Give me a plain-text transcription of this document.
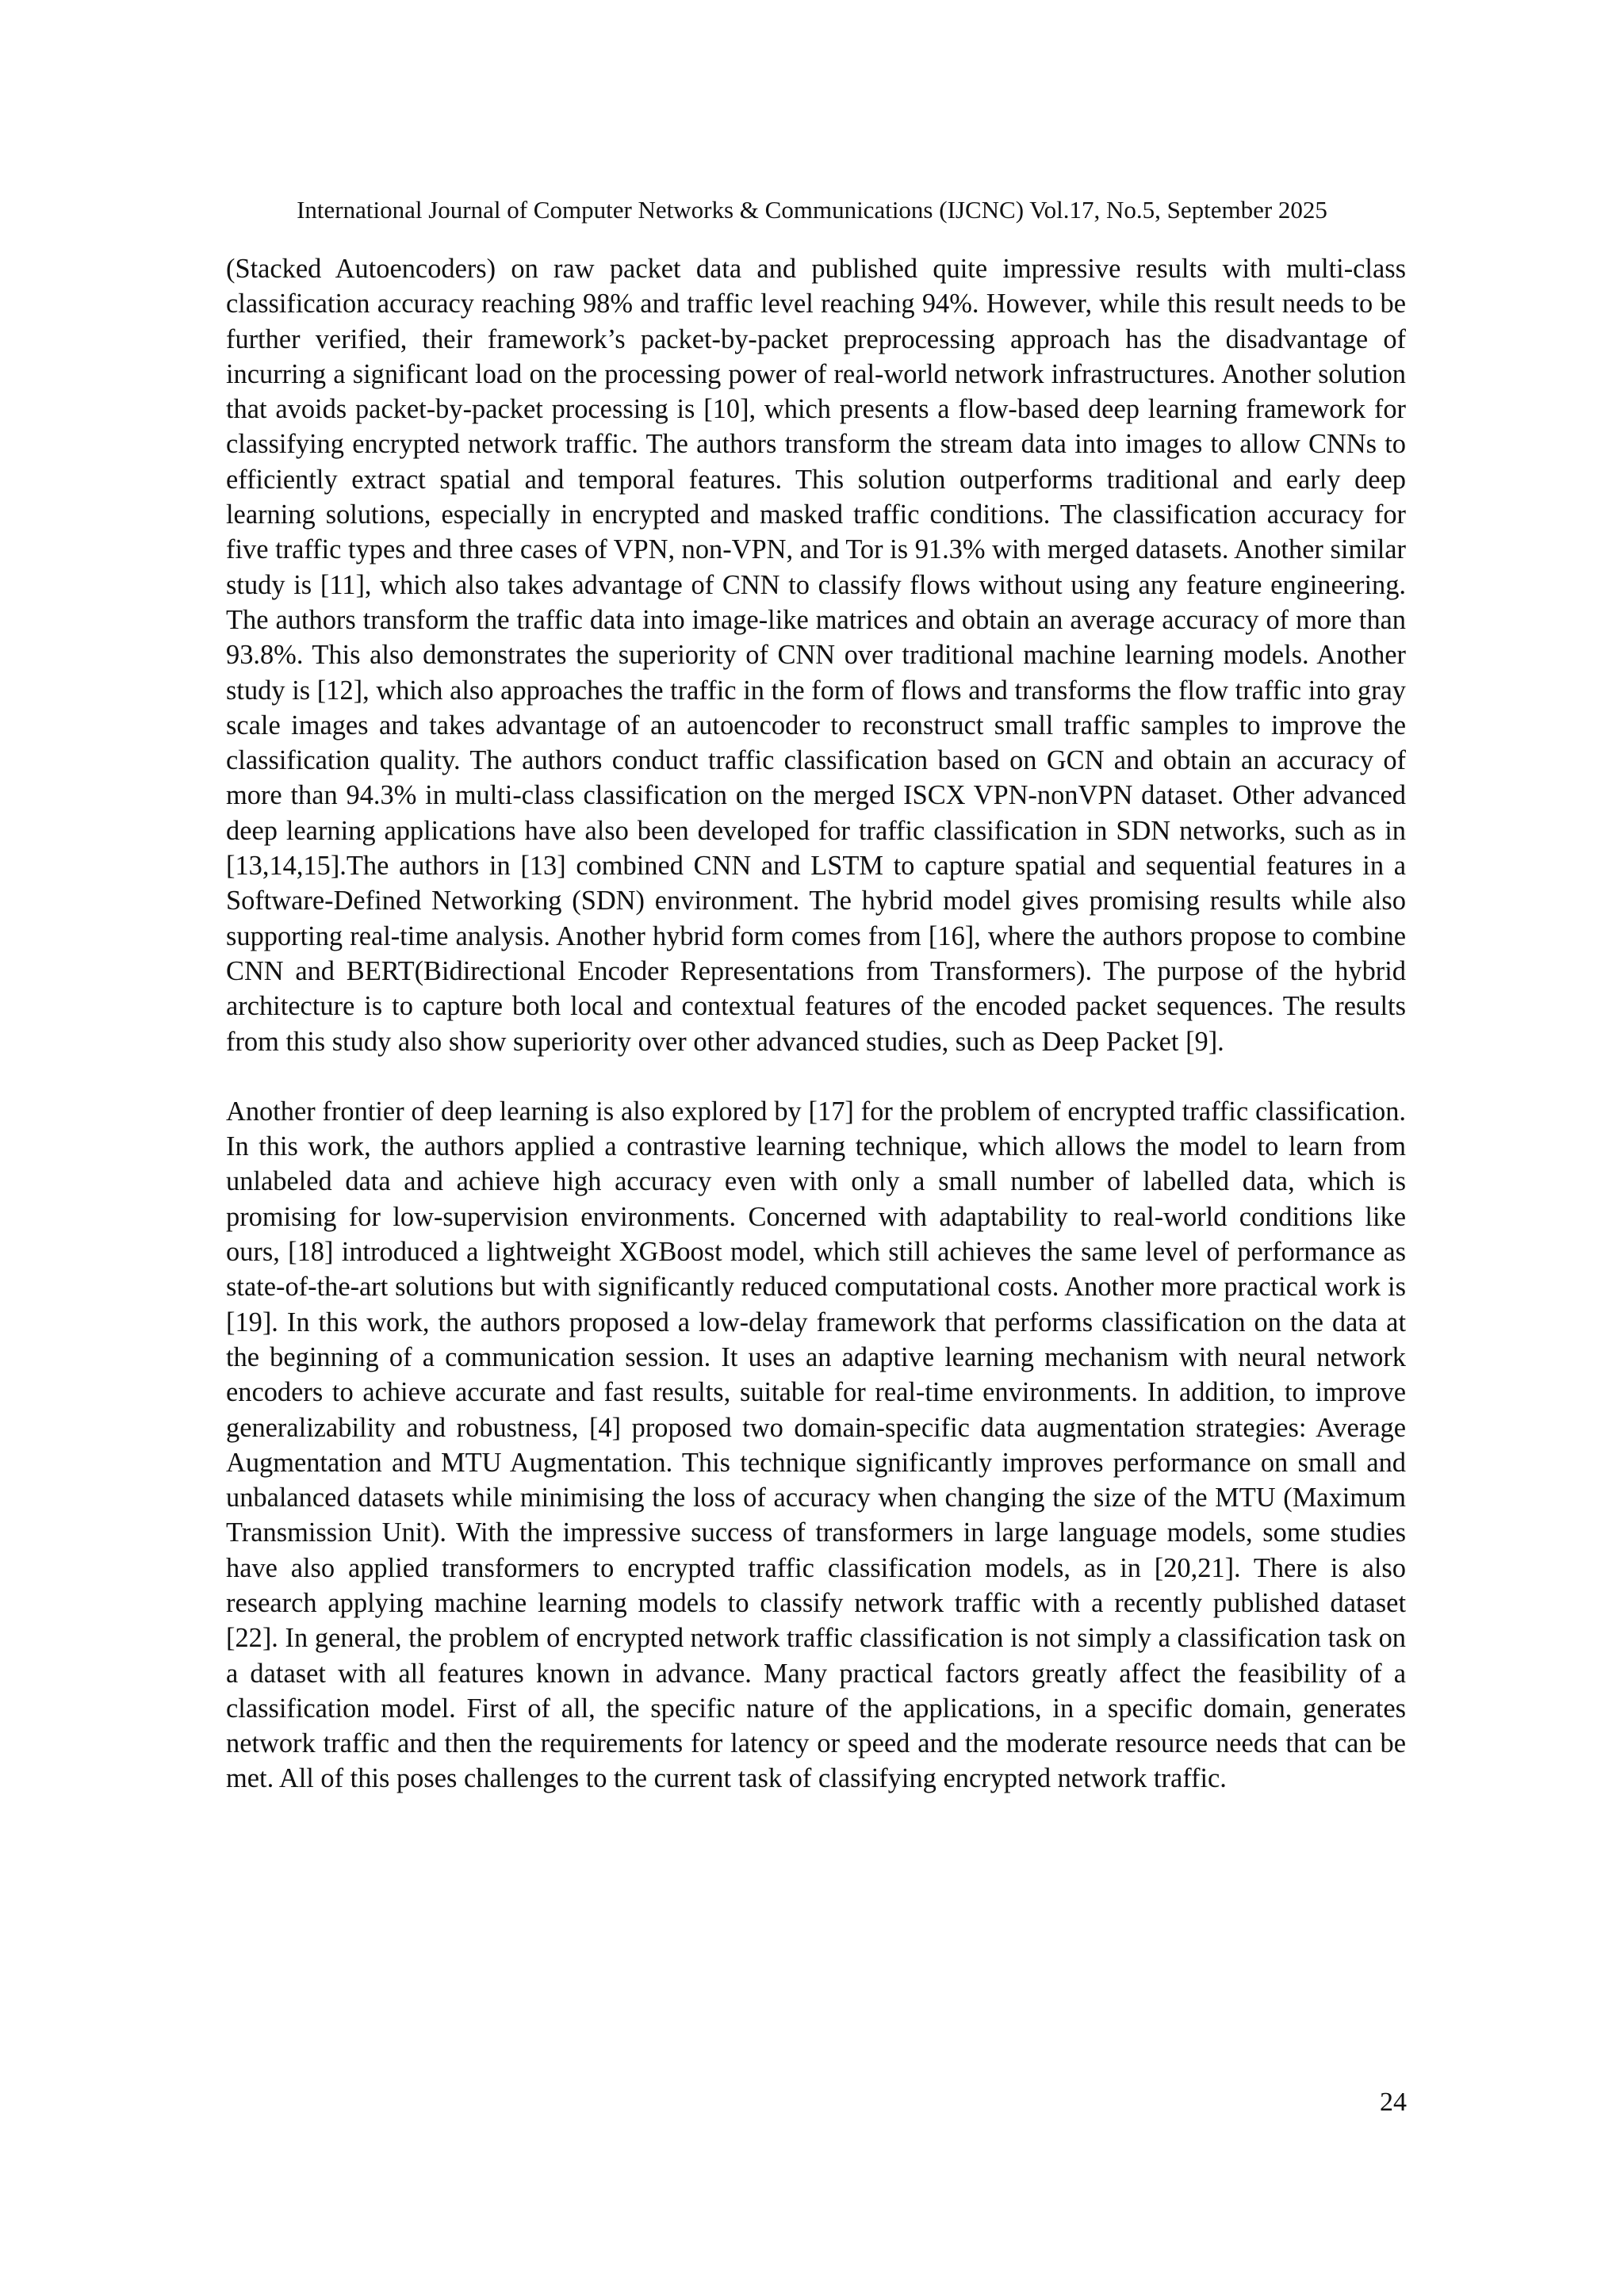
International Journal of Computer Networks & Communications (IJCNC) Vol.17, No.5, September 2025

(Stacked Autoencoders) on raw packet data and published quite impressive results with multi-class classification accuracy reaching 98% and traffic level reaching 94%. However, while this result needs to be further verified, their framework’s packet-by-packet preprocessing approach has the disadvantage of incurring a significant load on the processing power of real-world network infrastructures. Another solution that avoids packet-by-packet processing is [10], which presents a flow-based deep learning framework for classifying encrypted network traffic. The authors transform the stream data into images to allow CNNs to efficiently extract spatial and temporal features. This solution outperforms traditional and early deep learning solutions, especially in encrypted and masked traffic conditions. The classification accuracy for five traffic types and three cases of VPN, non-VPN, and Tor is 91.3% with merged datasets. Another similar study is [11], which also takes advantage of CNN to classify flows without using any feature engineering. The authors transform the traffic data into image-like matrices and obtain an average accuracy of more than 93.8%. This also demonstrates the superiority of CNN over traditional machine learning models. Another study is [12], which also approaches the traffic in the form of flows and transforms the flow traffic into gray scale images and takes advantage of an autoencoder to reconstruct small traffic samples to improve the classification quality. The authors conduct traffic classification based on GCN and obtain an accuracy of more than 94.3% in multi-class classification on the merged ISCX VPN-nonVPN dataset. Other advanced deep learning applications have also been developed for traffic classification in SDN networks, such as in [13,14,15].The authors in [13] combined CNN and LSTM to capture spatial and sequential features in a Software-Defined Networking (SDN) environment. The hybrid model gives promising results while also supporting real-time analysis. Another hybrid form comes from [16], where the authors propose to combine CNN and BERT(Bidirectional Encoder Representations from Transformers). The purpose of the hybrid architecture is to capture both local and contextual features of the encoded packet sequences. The results from this study also show superiority over other advanced studies, such as Deep Packet [9].

Another frontier of deep learning is also explored by [17] for the problem of encrypted traffic classification. In this work, the authors applied a contrastive learning technique, which allows the model to learn from unlabeled data and achieve high accuracy even with only a small number of labelled data, which is promising for low-supervision environments. Concerned with adaptability to real-world conditions like ours, [18] introduced a lightweight XGBoost model, which still achieves the same level of performance as state-of-the-art solutions but with significantly reduced computational costs. Another more practical work is [19]. In this work, the authors proposed a low-delay framework that performs classification on the data at the beginning of a communication session. It uses an adaptive learning mechanism with neural network encoders to achieve accurate and fast results, suitable for real-time environments. In addition, to improve generalizability and robustness, [4] proposed two domain-specific data augmentation strategies: Average Augmentation and MTU Augmentation. This technique significantly improves performance on small and unbalanced datasets while minimising the loss of accuracy when changing the size of the MTU (Maximum Transmission Unit). With the impressive success of transformers in large language models, some studies have also applied transformers to encrypted traffic classification models, as in [20,21]. There is also research applying machine learning models to classify network traffic with a recently published dataset [22]. In general, the problem of encrypted network traffic classification is not simply a classification task on a dataset with all features known in advance. Many practical factors greatly affect the feasibility of a classification model. First of all, the specific nature of the applications, in a specific domain, generates network traffic and then the requirements for latency or speed and the moderate resource needs that can be met. All of this poses challenges to the current task of classifying encrypted network traffic.

24
